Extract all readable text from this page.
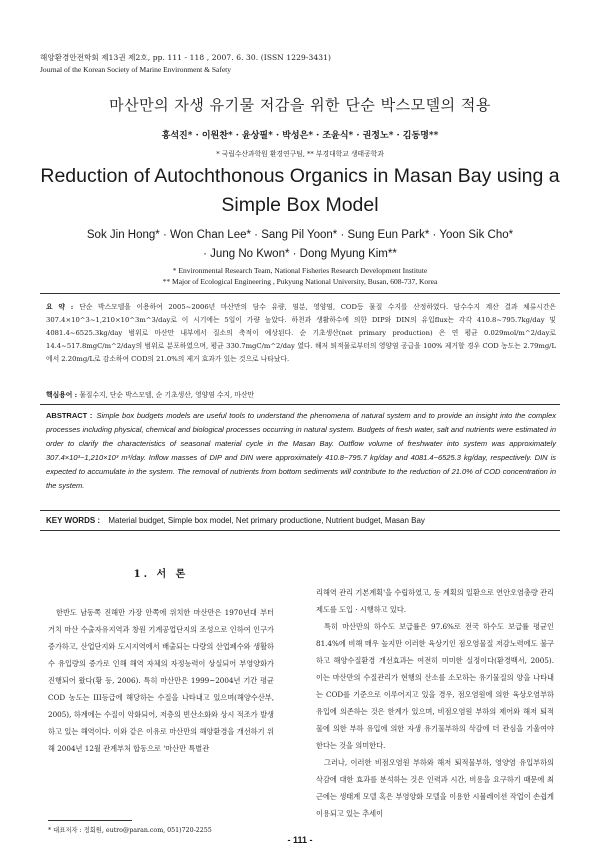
해양환경안전학회 제13권 제2호, pp. 111 - 118 , 2007. 6. 30. (ISSN 1229-3431)
Journal of the Korean Society of Marine Environment & Safety
마산만의 자생 유기물 저감을 위한 단순 박스모델의 적용
홍석진* · 이원찬* · 윤상필* · 박성은* · 조윤식* · 권정노* · 김동명**
* 국립수산과학원 환경연구팀, ** 부경대학교 생태공학과
Reduction of Autochthonous Organics in Masan Bay using a
Simple Box Model
Sok Jin Hong* · Won Chan Lee* · Sang Pil Yoon* · Sung Eun Park* · Yoon Sik Cho*
· Jung No Kwon* · Dong Myung Kim**
* Environmental Research Team, National Fisheries Research Development Institute
** Major of Ecological Engineering , Pukyung National University, Busan, 608-737, Korea
요 약 : 단순 박스모델을 이용하여 2005~2006년 마산만의 담수 유량, 염분, 영양염, COD등 물질 수지를 산정하였다. 담수수지 계산 결과 체류시간은 307.4×10^3~1,210×10^3m^3/day로 이 시기에는 5일이 가량 높았다. 하천과 생활하수에 의한 DIP와 DIN의 유입flux는 각각 410.8~795.7kg/day 및 4081.4~6525.3kg/day 범위로 마산만 내부에서 질소의 축적이 예상된다. 순 기초생산(net primary production) 은 연 평균 0.029mol/m^2/day로 14.4~517.8mgC/m^2/day의 범위로 분포하였으며, 평균 330.7mgC/m^2/day 였다. 해저 퇴적물로부터의 영양염 공급을 100% 제거할 경우 COD 농도는 2.79mg/L에서 2.20mg/L로 감소하여 COD의 21.0%의 제거 효과가 있는 것으로 나타났다.
핵심용어 : 물질수지, 단순 박스모델, 순 기초생산, 영양염 수지, 마산만
ABSTRACT : Simple box budgets models are useful tools to understand the phenomena of natural system and to provide an insight into the complex processes including physical, chemical and biological processes occurring in natural system. Budgets of fresh water, salt and nutrients were estimated in order to clarify the characteristics of seasonal material cycle in the Masan Bay. Outflow volume of freshwater into system was approximately 307.4×10³~1,210×10³ m³/day. Inflow masses of DIP and DIN were approximately 410.8~795.7 kg/day and 4081.4~6525.3 kg/day, respectively. DIN is expected to accumulate in the system. The removal of nutrients from bottom sediments will contribute to the reduction of 21.0% of COD concentration in the system.
KEY WORDS : Material budget, Simple box model, Net primary productione, Nutrient budget, Masan Bay
1. 서 론
한반도 남동쪽 진해만 가장 안쪽에 위치한 마산만은 1970년대 부터 거치 마산 수출자유지역과 창원 기계공업단지의 조성으로 인하여 인구가 증가하고, 산업단지와 도시지역에서 배출되는 다량의 산업폐수와 생활하수 유입량의 증가로 인해 해역 자체의 자정능력이 상실되어 부영양화가 진행되어 왔다(황 등, 2006). 특히 마산만은 1999~2004년 기간 평균 COD 농도는 III등급에 해당하는 수질을 나타내고 있으며(해양수산부, 2005), 하계에는 수질이 악화되어, 저층의 빈산소화와 상시 적조가 발생하고 있는 해역이다. 이와 같은 이유로 마산만의 해양환경을 개선하기 위해 2004년 12월 관계부처 합동으로 '마산만 특별관

리해역 관리 기본계획'을 수립하였고, 동 계획의 일환으로 연안오염총량 관리제도를 도입 · 시행하고 있다.

특히 마산만의 하수도 보급률은 97.6%로 전국 하수도 보급률 평균인 81.4%에 비해 매우 높지만 이러한 육상기인 점오염물질 저감노력에도 불구하고 해양수질환경 개선효과는 여전히 미미한 실정이다(환경백서, 2005). 이는 마산만의 수질관리가 현행의 산소를 소모하는 유기물질의 양을 나타내는 COD를 기준으로 이루어지고 있을 경우, 점오염원에 의한 육상오염부하 유입에 의존하는 것은 한계가 있으며, 비점오염원 부하의 제어와 해저 퇴적물에 의한 부하 유입에 의한 자생 유기물부하의 삭감에 더 관심을 기울여야 한다는 것을 의미한다.

그러나, 이러한 비점오염원 부하와 해저 퇴적물부하, 영양염 유입부하의 삭감에 대한 효과를 분석하는 것은 인력과 시간, 비용을 요구하기 때문에 최근에는 생태계 모델 혹은 부영양화 모델을 이용한 시뮬레이션 작업이 손쉽게 이용되고 있는 추세이

* 대표저자 : 정회원, eutro@paran.com, 051)720-2255
- 111 -
